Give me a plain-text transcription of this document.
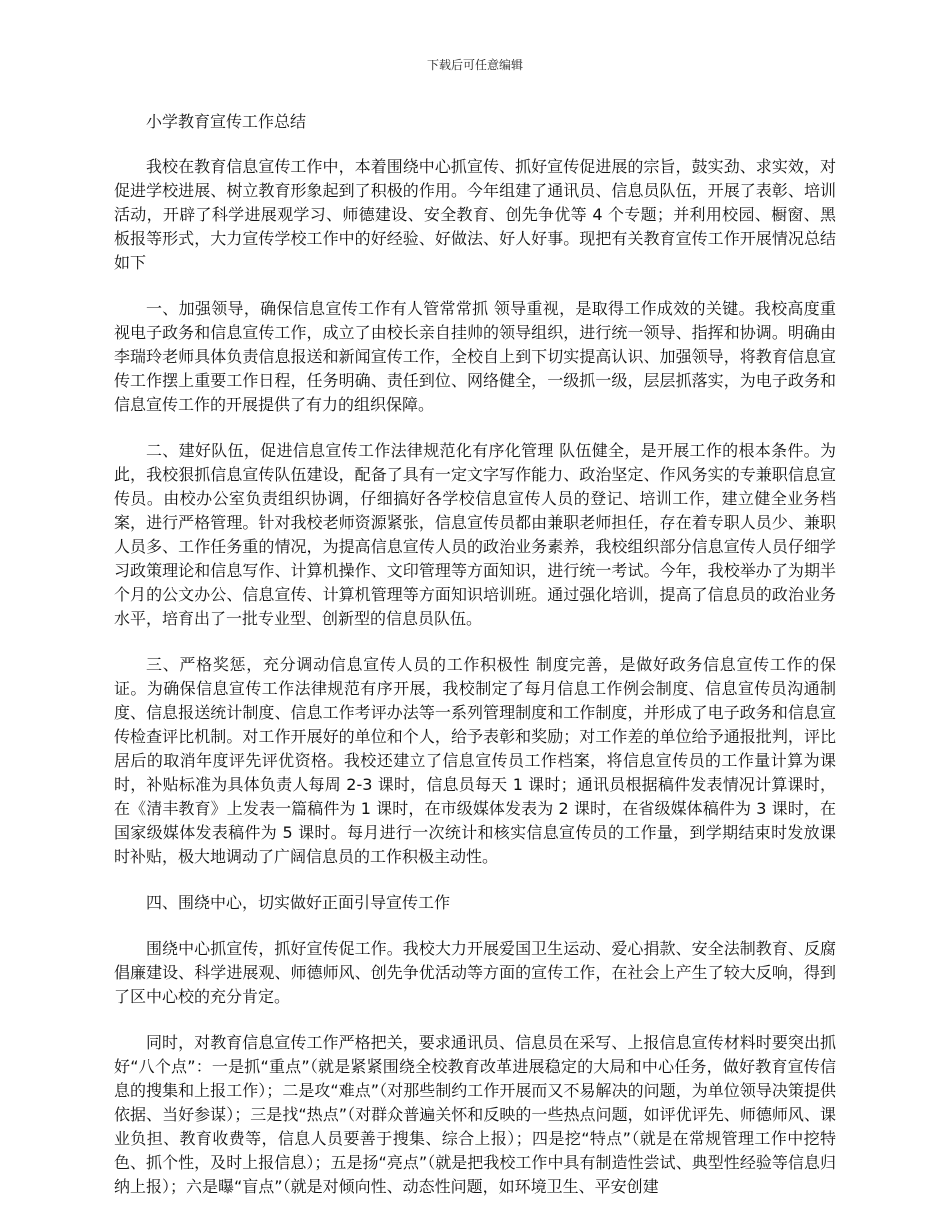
下载后可任意编辑
小学教育宣传工作总结

我校在教育信息宣传工作中，本着围绕中心抓宣传、抓好宣传促进展的宗旨，鼓实劲、求实效，对促进学校进展、树立教育形象起到了积极的作用。今年组建了通讯员、信息员队伍，开展了表彰、培训活动，开辟了科学进展观学习、师德建设、安全教育、创先争优等 4 个专题；并利用校园、橱窗、黑板报等形式，大力宣传学校工作中的好经验、好做法、好人好事。现把有关教育宣传工作开展情况总结如下

一、加强领导，确保信息宣传工作有人管常常抓 领导重视，是取得工作成效的关键。我校高度重视电子政务和信息宣传工作，成立了由校长亲自挂帅的领导组织，进行统一领导、指挥和协调。明确由李瑞玲老师具体负责信息报送和新闻宣传工作，全校自上到下切实提高认识、加强领导，将教育信息宣传工作摆上重要工作日程，任务明确、责任到位、网络健全，一级抓一级，层层抓落实，为电子政务和信息宣传工作的开展提供了有力的组织保障。

二、建好队伍，促进信息宣传工作法律规范化有序化管理 队伍健全，是开展工作的根本条件。为此，我校狠抓信息宣传队伍建设，配备了具有一定文字写作能力、政治坚定、作风务实的专兼职信息宣传员。由校办公室负责组织协调，仔细搞好各学校信息宣传人员的登记、培训工作，建立健全业务档案，进行严格管理。针对我校老师资源紧张，信息宣传员都由兼职老师担任，存在着专职人员少、兼职人员多、工作任务重的情况，为提高信息宣传人员的政治业务素养，我校组织部分信息宣传人员仔细学习政策理论和信息写作、计算机操作、文印管理等方面知识，进行统一考试。今年，我校举办了为期半个月的公文办公、信息宣传、计算机管理等方面知识培训班。通过强化培训，提高了信息员的政治业务水平，培育出了一批专业型、创新型的信息员队伍。

三、严格奖惩，充分调动信息宣传人员的工作积极性 制度完善，是做好政务信息宣传工作的保证。为确保信息宣传工作法律规范有序开展，我校制定了每月信息工作例会制度、信息宣传员沟通制度、信息报送统计制度、信息工作考评办法等一系列管理制度和工作制度，并形成了电子政务和信息宣传检查评比机制。对工作开展好的单位和个人，给予表彰和奖励；对工作差的单位给予通报批判，评比居后的取消年度评先评优资格。我校还建立了信息宣传员工作档案，将信息宣传员的工作量计算为课时，补贴标准为具体负责人每周 2-3 课时，信息员每天 1 课时；通讯员根据稿件发表情况计算课时，在《清丰教育》上发表一篇稿件为 1 课时，在市级媒体发表为 2 课时，在省级媒体稿件为 3 课时，在国家级媒体发表稿件为 5 课时。每月进行一次统计和核实信息宣传员的工作量，到学期结束时发放课时补贴，极大地调动了广阔信息员的工作积极主动性。

四、围绕中心，切实做好正面引导宣传工作

围绕中心抓宣传，抓好宣传促工作。我校大力开展爱国卫生运动、爱心捐款、安全法制教育、反腐倡廉建设、科学进展观、师德师风、创先争优活动等方面的宣传工作，在社会上产生了较大反响，得到了区中心校的充分肯定。

同时，对教育信息宣传工作严格把关，要求通讯员、信息员在采写、上报信息宣传材料时要突出抓好“八个点”：一是抓“重点”（就是紧紧围绕全校教育改革进展稳定的大局和中心任务，做好教育宣传信息的搜集和上报工作）；二是攻“难点”（对那些制约工作开展而又不易解决的问题，为单位领导决策提供依据、当好参谋）；三是找“热点”（对群众普遍关怀和反映的一些热点问题，如评优评先、师德师风、课业负担、教育收费等，信息人员要善于搜集、综合上报）；四是挖“特点”（就是在常规管理工作中挖特色、抓个性，及时上报信息）；五是扬“亮点”（就是把我校工作中具有制造性尝试、典型性经验等信息归纳上报）；六是曝“盲点”（就是对倾向性、动态性问题，如环境卫生、平安创建
